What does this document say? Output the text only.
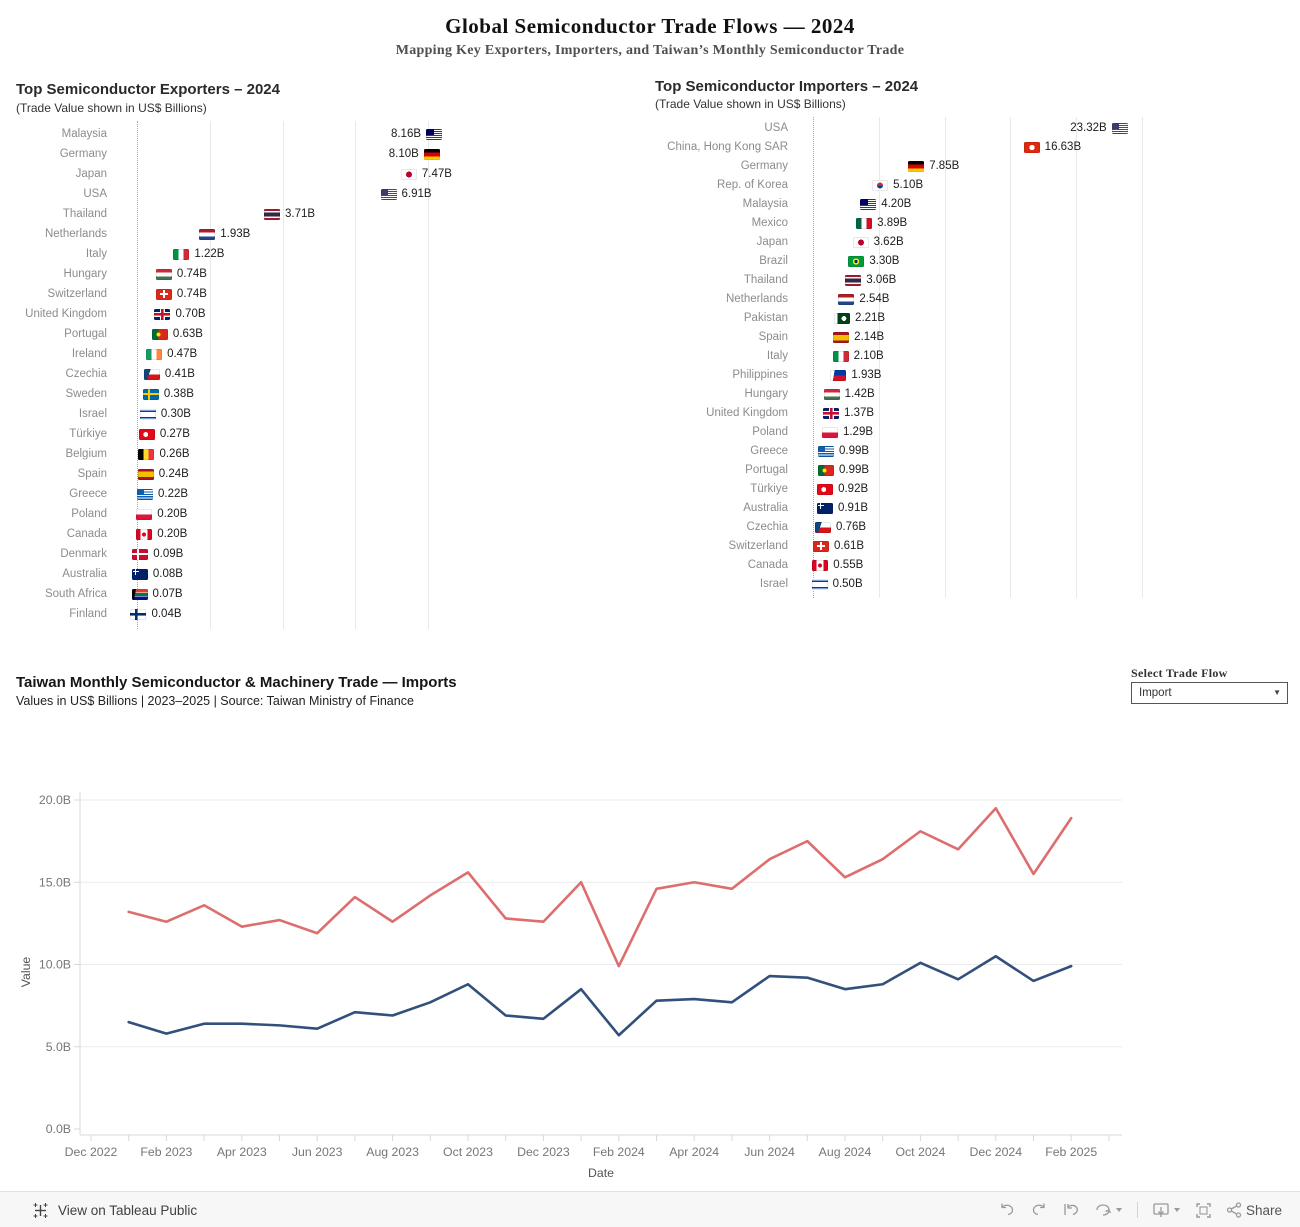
Global Semiconductor Trade Flows — 2024
Mapping Key Exporters, Importers, and Taiwan’s Monthly Semiconductor Trade
Top Semiconductor Exporters – 2024
(Trade Value shown in US$ Billions)
Malaysia	8.16B
Germany	8.10B
Japan	7.47B
USA	6.91B
Thailand	3.71B
Netherlands	1.93B
Italy	1.22B
Hungary	0.74B
Switzerland	0.74B
United Kingdom	0.70B
Portugal	0.63B
Ireland	0.47B
Czechia	0.41B
Sweden	0.38B
Israel	0.30B
Türkiye	0.27B
Belgium	0.26B
Spain	0.24B
Greece	0.22B
Poland	0.20B
Canada	0.20B
Denmark	0.09B
Australia	0.08B
South Africa	0.07B
Finland	0.04B
Top Semiconductor Importers – 2024
(Trade Value shown in US$ Billions)
USA	23.32B
China, Hong Kong SAR	16.63B
Germany	7.85B
Rep. of Korea	5.10B
Malaysia	4.20B
Mexico	3.89B
Japan	3.62B
Brazil	3.30B
Thailand	3.06B
Netherlands	2.54B
Pakistan	2.21B
Spain	2.14B
Italy	2.10B
Philippines	1.93B
Hungary	1.42B
United Kingdom	1.37B
Poland	1.29B
Greece	0.99B
Portugal	0.99B
Türkiye	0.92B
Australia	0.91B
Czechia	0.76B
Switzerland	0.61B
Canada	0.55B
Israel	0.50B
Taiwan Monthly Semiconductor & Machinery Trade — Imports
Values in US$ Billions | 2023–2025 | Source: Taiwan Ministry of Finance
Select Trade Flow
Import	▼
0.0B
5.0B
10.0B
15.0B
20.0B
Dec 2022 Feb 2023 Apr 2023 Jun 2023 Aug 2023 Oct 2023 Dec 2023 Feb 2024 Apr 2024 Jun 2024 Aug 2024 Oct 2024 Dec 2024 Feb 2025
Value
Date
View on Tableau Public	Share
